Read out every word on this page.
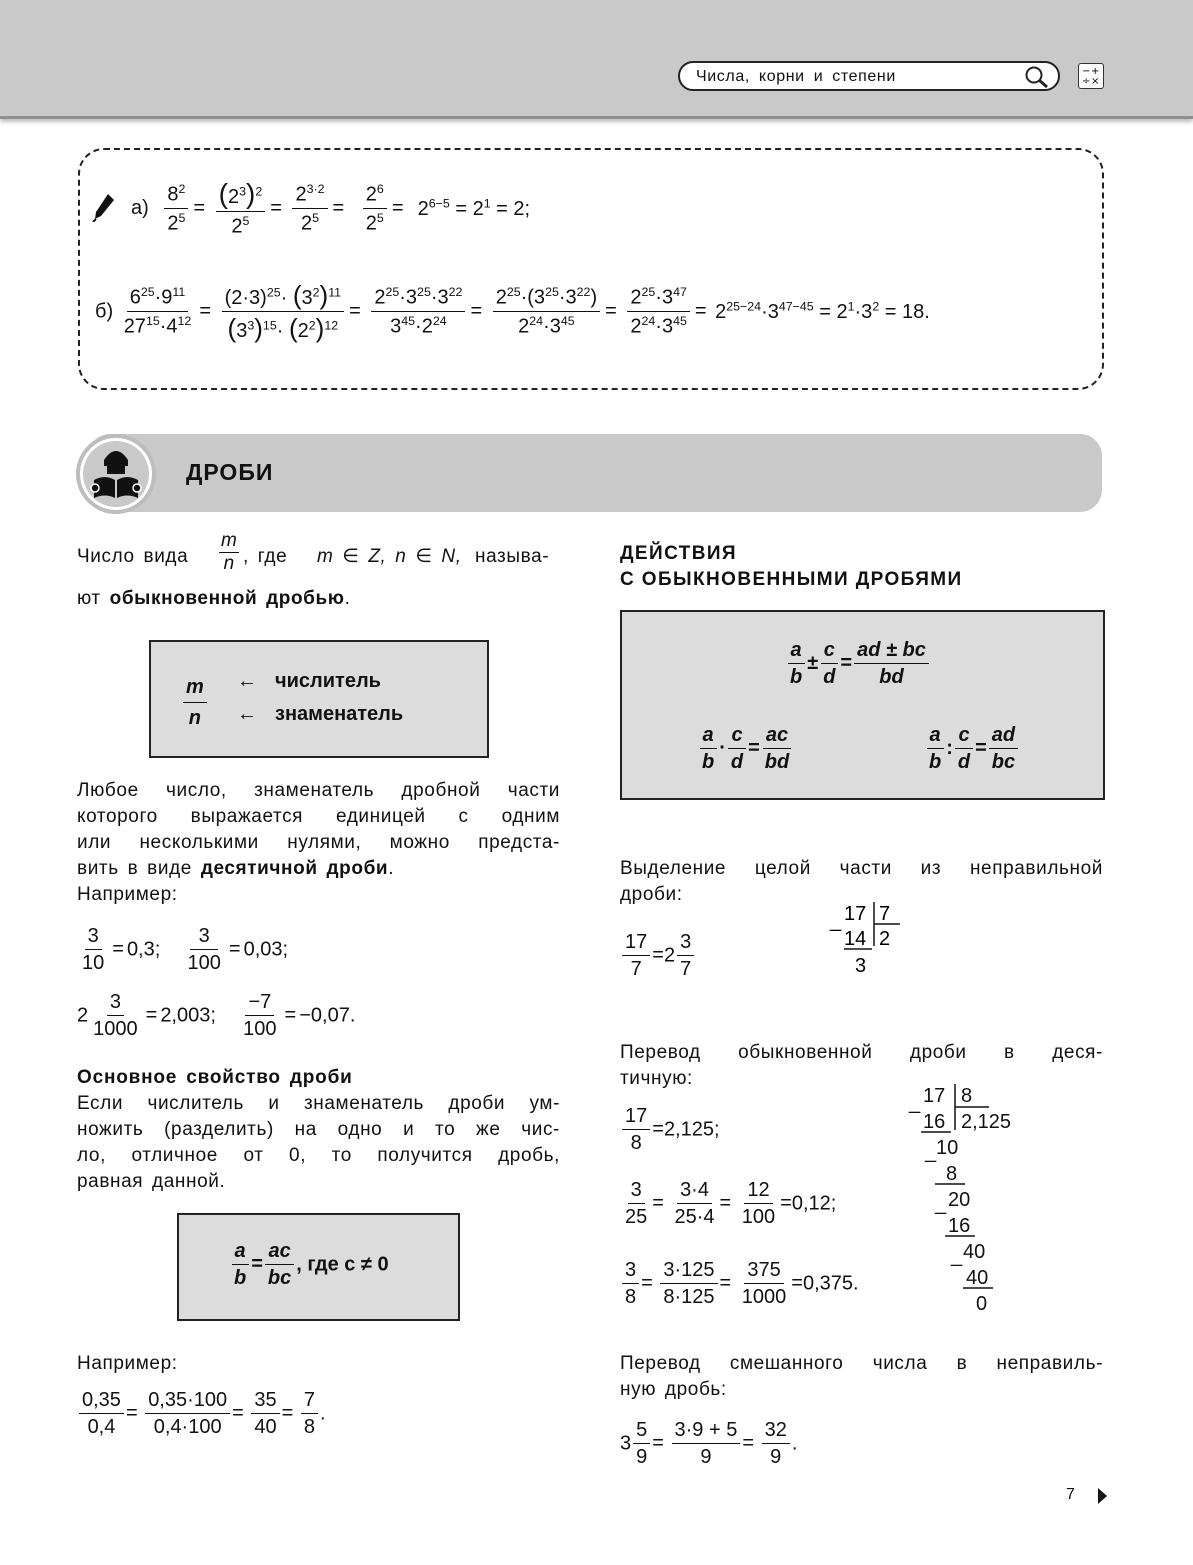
Числа, корни и степени	− +
÷ ×
$а) \frac{8^2}{2^5} = \frac{(2^3)^2}{2^5} = \frac{2^{3\cdot 2}}{2^5} = \frac{2^6}{2^5} = 2^{6-5} = 2^1 = 2$;
$б) \frac{6^{25}\cdot 9^{11}}{27^{15}\cdot 4^{12}} = \frac{(2\cdot 3)^{25}\cdot (3^2)^{11}}{(3^3)^{15}\cdot (2^2)^{12}} = \frac{2^{25}\cdot 3^{25}\cdot 3^{22}}{3^{45}\cdot 2^{24}} = \frac{2^{25}\cdot(3^{25}\cdot 3^{22})}{2^{24}\cdot 3^{45}} = \frac{2^{25}\cdot 3^{47}}{2^{24}\cdot 3^{45}} = 2^{25-24}\cdot 3^{47-45} = 2^1\cdot 3^2 = 18$.
ДРОБИ
Число вида
m
n , где m ∈ Z, n ∈ N, называ-
ют обыкновенной дробью.
m
n
←
←
числитель
знаменатель
Любое число, знаменатель дробной части
которого выражается единицей с одним
или несколькими нулями, можно предста-
вить в виде десятичной дроби.
Например:
$\frac{3}{10} = 0,3$; $\frac{3}{100} = 0,03$;
$2 \frac{3}{1000} = 2,003$; $\frac{-7}{100} = -0,07$.
Основное свойство дроби
Если числитель и знаменатель дроби ум-
ножить (разделить) на одно и то же чис-
ло, отличное от 0, то получится дробь,
равная данной.
$\frac{a}{b} = \frac{ac}{bc}$ , где c ≠ 0
Например:
$\frac{0,35}{0,4} = \frac{0,35\cdot 100}{0,4\cdot 100} = \frac{35}{40} = \frac{7}{8}$ .
ДЕЙСТВИЯ
С ОБЫКНОВЕННЫМИ ДРОБЯМИ
$\frac{a}{b} \pm \frac{c}{d} = \frac{ad \pm bc}{bd}$
$\frac{a}{b} \cdot \frac{c}{d} = \frac{ac}{bd}$	$\frac{a}{b}$ : $\frac{c}{d} = \frac{ad}{bc}$
Выделение целой части из неправильной
дроби:
$\frac{17}{7} =2 \frac{3}{7}$
_ 17 7
14 2
3
Перевод обыкновенной дроби в деся-
тичную:
$\frac{17}{8} =2,125$;
$\frac{3}{25} = \frac{3\cdot 4}{25\cdot 4} = \frac{12}{100} =0,12$;
$\frac{3}{8} = \frac{3\cdot 125}{8\cdot 125} = \frac{375}{1000} =0,375$.
_ 17 8
16 2,125
_ 10
8
_ 20
16
_ 40
40
0
Перевод смешанного числа в неправиль-
ную дробь:
$3 \frac{5}{9} = \frac{3\cdot 9 + 5}{9} = \frac{32}{9}$ .
7
